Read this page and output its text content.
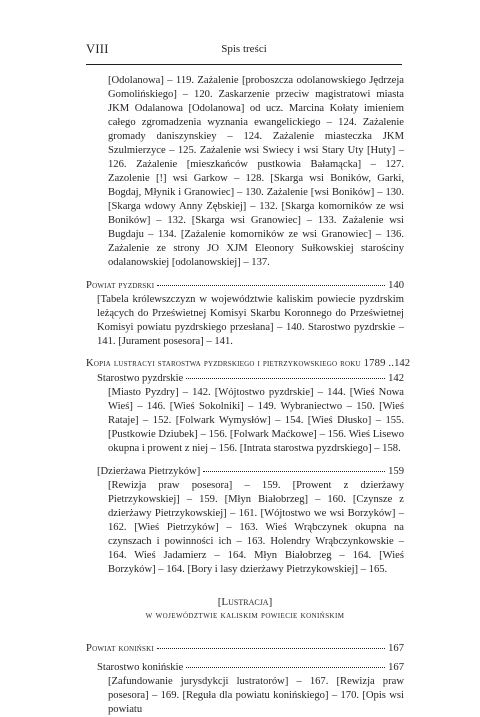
VIII	Spis treści
[Odolanowa] – 119. Zażalenie [proboszcza odolanowskiego Jędrzeja Gomolińskiego] – 120. Zaskarzenie przeciw magistratowi miasta JKM Odalanowa [Odolanowa] od ucz. Marcina Kołaty imieniem całego zgromadzenia wyznania ewangelickiego – 124. Zażalenie gromady daniszynskiey – 124. Zażalenie miasteczka JKM Szulmierzyce – 125. Zażalenie wsi Swiecy i wsi Stary Uty [Huty] – 126. Zażalenie [mieszkańców pustkowia Bałamącka] – 127. Zazolenie [!] wsi Garkow – 128. [Skarga wsi Boników, Garki, Bogdaj, Młynik i Granowiec] – 130. Zażalenie [wsi Boników] – 130. [Skarga wdowy Anny Zębskiej] – 132. [Skarga komorników ze wsi Boników] – 132. [Skarga wsi Granowiec] – 133. Zażalenie wsi Bugdaju – 134. [Zażalenie komorników ze wsi Granowiec] – 136. Zażalenie ze strony JO XJM Eleonory Sułkowskiej starościny odalanowskiej [odolanowskiej] – 137.
Powiat pyzdrski	140
[Tabela królewszczyzn w województwie kaliskim powiecie pyzdrskim leżących do Prześwietnej Komisyi Skarbu Koronnego do Prześwietnej Komisyi powiatu pyzdrskiego przesłana] – 140. Starostwo pyzdrskie – 141. [Jurament posesora] – 141.
Kopia lustracyi starostwa pyzdrskiego i pietrzykowskiego roku 1789 .. 142
Starostwo pyzdrskie	142
[Miasto Pyzdry] – 142. [Wójtostwo pyzdrskie] – 144. [Wieś Nowa Wieś] – 146. [Wieś Sokolniki] – 149. Wybraniectwo – 150. [Wieś Rataje] – 152. [Folwark Wymysłów] – 154. [Wieś Dłusko] – 155. [Pustkowie Dziubek] – 156. [Folwark Maćkowe] – 156. Wieś Lisewo okupna i prowent z niej – 156. [Intrata starostwa pyzdrskiego] – 158.
[Dzierżawa Pietrzyków]	159
[Rewizja praw posesora] – 159. [Prowent z dzierżawy Pietrzykowskiej] – 159. [Młyn Białobrzeg] – 160. [Czynsze z dzierżawy Pietrzykowskiej] – 161. [Wójtostwo we wsi Borzyków] – 162. [Wieś Pietrzyków] – 163. Wieś Wrąbczynek okupna na czynszach i powinności ich – 163. Holendry Wrąbczynkowskie – 164. Wieś Jadamierz – 164. Młyn Białobrzeg – 164. [Wieś Borzyków] – 164. [Bory i lasy dzierżawy Pietrzykowskiej] – 165.
[Lustracja]
w województwie kaliskim powiecie konińskim
Powiat koniński	167
Starostwo konińskie	167
[Zafundowanie jurysdykcji lustratorów] – 167. [Rewizja praw posesora] – 169. [Reguła dla powiatu konińskiego] – 170. [Opis wsi powiatu
